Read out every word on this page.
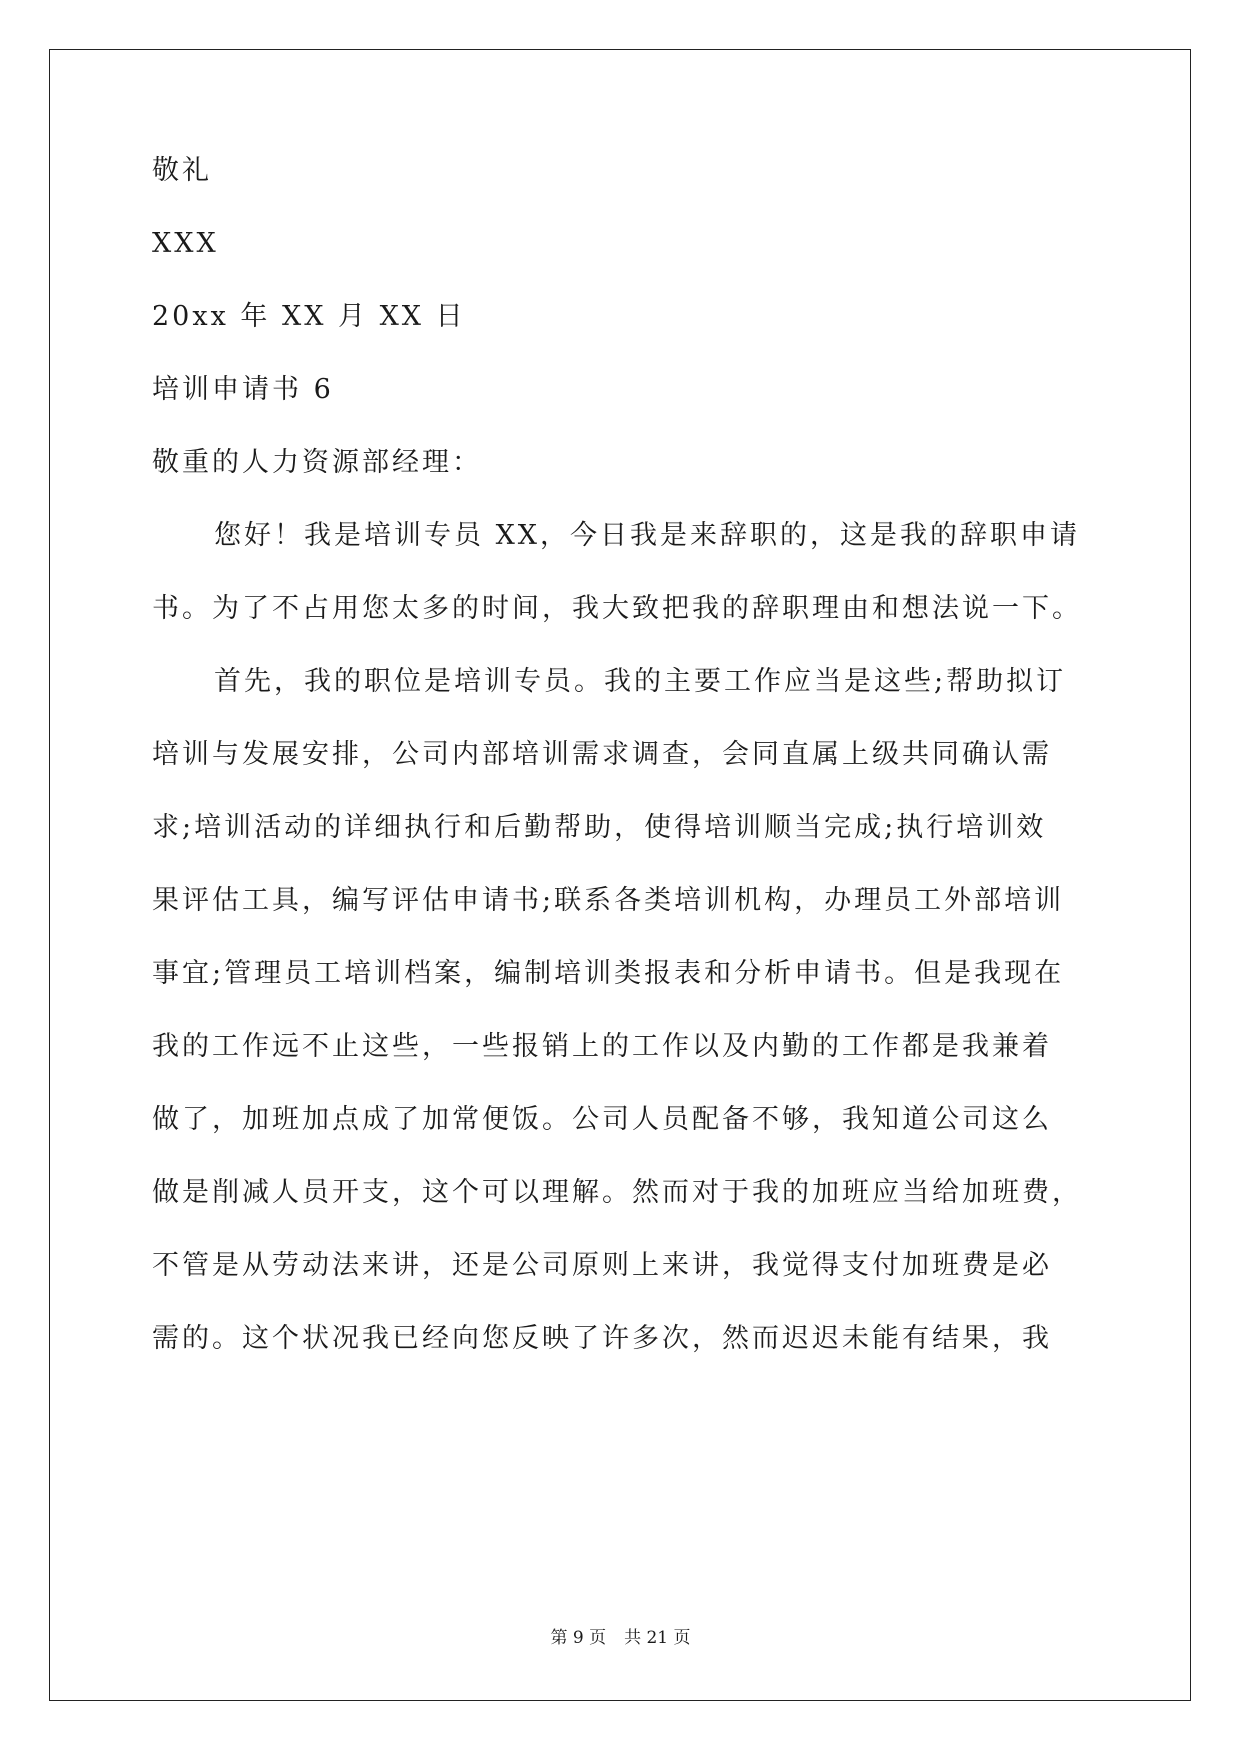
敬礼

XXX

20xx 年 XX 月 XX 日

培训申请书 6

敬重的人力资源部经理：

您好！我是培训专员 XX，今日我是来辞职的，这是我的辞职申请

书。为了不占用您太多的时间，我大致把我的辞职理由和想法说一下。

首先，我的职位是培训专员。我的主要工作应当是这些;帮助拟订

培训与发展安排，公司内部培训需求调查，会同直属上级共同确认需

求;培训活动的详细执行和后勤帮助，使得培训顺当完成;执行培训效

果评估工具，编写评估申请书;联系各类培训机构，办理员工外部培训

事宜;管理员工培训档案，编制培训类报表和分析申请书。但是我现在

我的工作远不止这些，一些报销上的工作以及内勤的工作都是我兼着

做了，加班加点成了加常便饭。公司人员配备不够，我知道公司这么

做是削减人员开支，这个可以理解。然而对于我的加班应当给加班费，

不管是从劳动法来讲，还是公司原则上来讲，我觉得支付加班费是必

需的。这个状况我已经向您反映了许多次，然而迟迟未能有结果，我

第 9 页 共 21 页
